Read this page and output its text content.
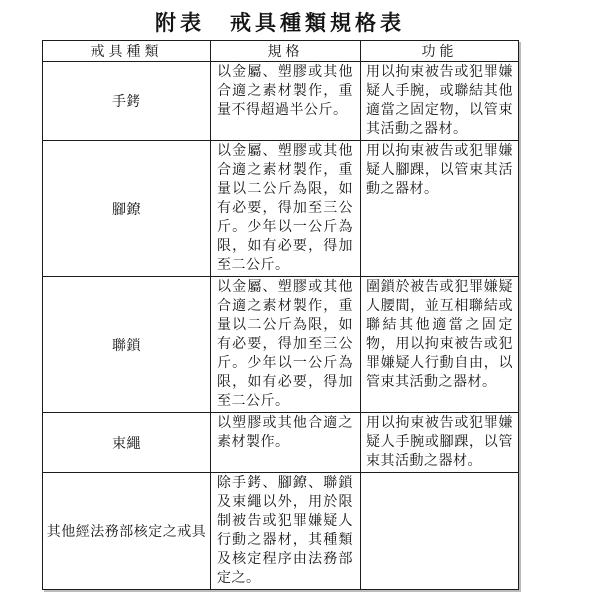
附表　戒具種類規格表
戒具種類	規格	功能
手銬	以金屬、塑膠或其他合適之素材製作，重量不得超過半公斤。	用以拘束被告或犯罪嫌疑人手腕，或聯結其他適當之固定物，以管束其活動之器材。
腳鐐	以金屬、塑膠或其他合適之素材製作，重量以二公斤為限，如有必要，得加至三公斤。少年以一公斤為限，如有必要，得加至二公斤。	用以拘束被告或犯罪嫌疑人腳踝，以管束其活動之器材。
聯鎖	以金屬、塑膠或其他合適之素材製作，重量以二公斤為限，如有必要，得加至三公斤。少年以一公斤為限，如有必要，得加至二公斤。	圍鎖於被告或犯罪嫌疑人腰間，並互相聯結或聯結其他適當之固定物，用以拘束被告或犯罪嫌疑人行動自由，以管束其活動之器材。
束繩	以塑膠或其他合適之素材製作。	用以拘束被告或犯罪嫌疑人手腕或腳踝，以管束其活動之器材。
其他經法務部核定之戒具	除手銬、腳鐐、聯鎖及束繩以外，用於限制被告或犯罪嫌疑人行動之器材，其種類及核定程序由法務部定之。	
